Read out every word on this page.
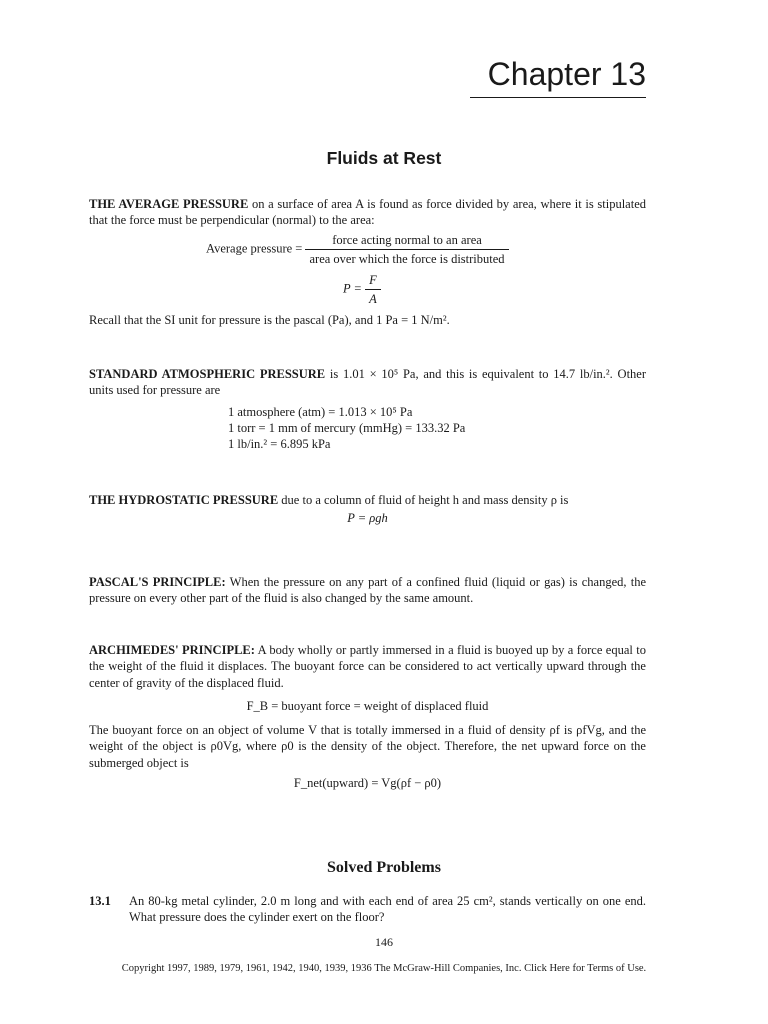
Chapter 13
Fluids at Rest
THE AVERAGE PRESSURE on a surface of area A is found as force divided by area, where it is stipulated that the force must be perpendicular (normal) to the area:
Average pressure = $\frac{\text{force acting normal to an area}}{\text{area over which the force is distributed}}$
$P = \frac{F}{A}$
Recall that the SI unit for pressure is the pascal (Pa), and 1 Pa = 1 N/m².
STANDARD ATMOSPHERIC PRESSURE is 1.01 × 10⁵ Pa, and this is equivalent to 14.7 lb/in.². Other units used for pressure are
1 atmosphere (atm) = 1.013 × 10⁵ Pa
1 torr = 1 mm of mercury (mmHg) = 133.32 Pa
1 lb/in.² = 6.895 kPa
THE HYDROSTATIC PRESSURE due to a column of fluid of height h and mass density ρ is
P = ρgh
PASCAL'S PRINCIPLE: When the pressure on any part of a confined fluid (liquid or gas) is changed, the pressure on every other part of the fluid is also changed by the same amount.
ARCHIMEDES' PRINCIPLE: A body wholly or partly immersed in a fluid is buoyed up by a force equal to the weight of the fluid it displaces. The buoyant force can be considered to act vertically upward through the center of gravity of the displaced fluid.
F_B = buoyant force = weight of displaced fluid
The buoyant force on an object of volume V that is totally immersed in a fluid of density ρf is ρfVg, and the weight of the object is ρ0Vg, where ρ0 is the density of the object. Therefore, the net upward force on the submerged object is
F_net(upward) = Vg(ρf − ρ0)
Solved Problems
13.1 An 80-kg metal cylinder, 2.0 m long and with each end of area 25 cm², stands vertically on one end. What pressure does the cylinder exert on the floor?
146
Copyright 1997, 1989, 1979, 1961, 1942, 1940, 1939, 1936 The McGraw-Hill Companies, Inc. Click Here for Terms of Use.
